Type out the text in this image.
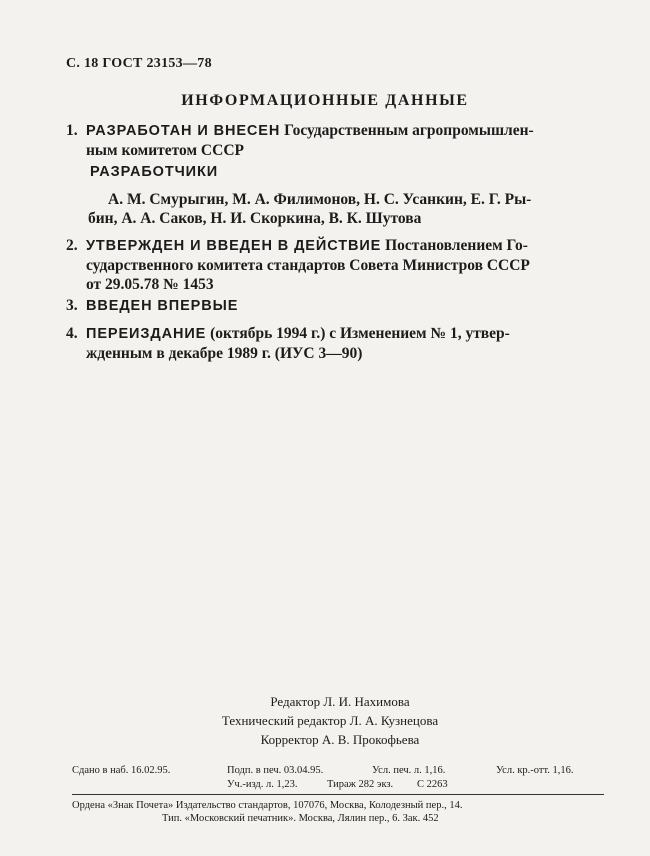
С. 18 ГОСТ 23153—78
ИНФОРМАЦИОННЫЕ ДАННЫЕ
1. РАЗРАБОТАН И ВНЕСЕН Государственным агропромышлен-
ным комитетом СССР
РАЗРАБОТЧИКИ
А. М. Смурыгин, М. А. Филимонов, Н. С. Усанкин, Е. Г. Ры-
бин, А. А. Саков, Н. И. Скоркина, В. К. Шутова
2. УТВЕРЖДЕН И ВВЕДЕН В ДЕЙСТВИЕ Постановлением Го-
сударственного комитета стандартов Совета Министров СССР
от 29.05.78 № 1453
3. ВВЕДЕН ВПЕРВЫЕ
4. ПЕРЕИЗДАНИЕ (октябрь 1994 г.) с Изменением № 1, утвер-
жденным в декабре 1989 г. (ИУС 3—90)
Редактор Л. И. Нахимова
Технический редактор Л. А. Кузнецова
Корректор А. В. Прокофьева
Сдано в наб. 16.02.95.	Подп. в печ. 03.04.95.	Усл. печ. л. 1,16.	Усл. кр.-отт. 1,16.
Уч.-изд. л. 1,23.	Тираж 282 экз. С 2263
Ордена «Знак Почета» Издательство стандартов, 107076, Москва, Колодезный пер., 14.
Тип. «Московский печатник». Москва, Лялин пер., 6. Зак. 452
